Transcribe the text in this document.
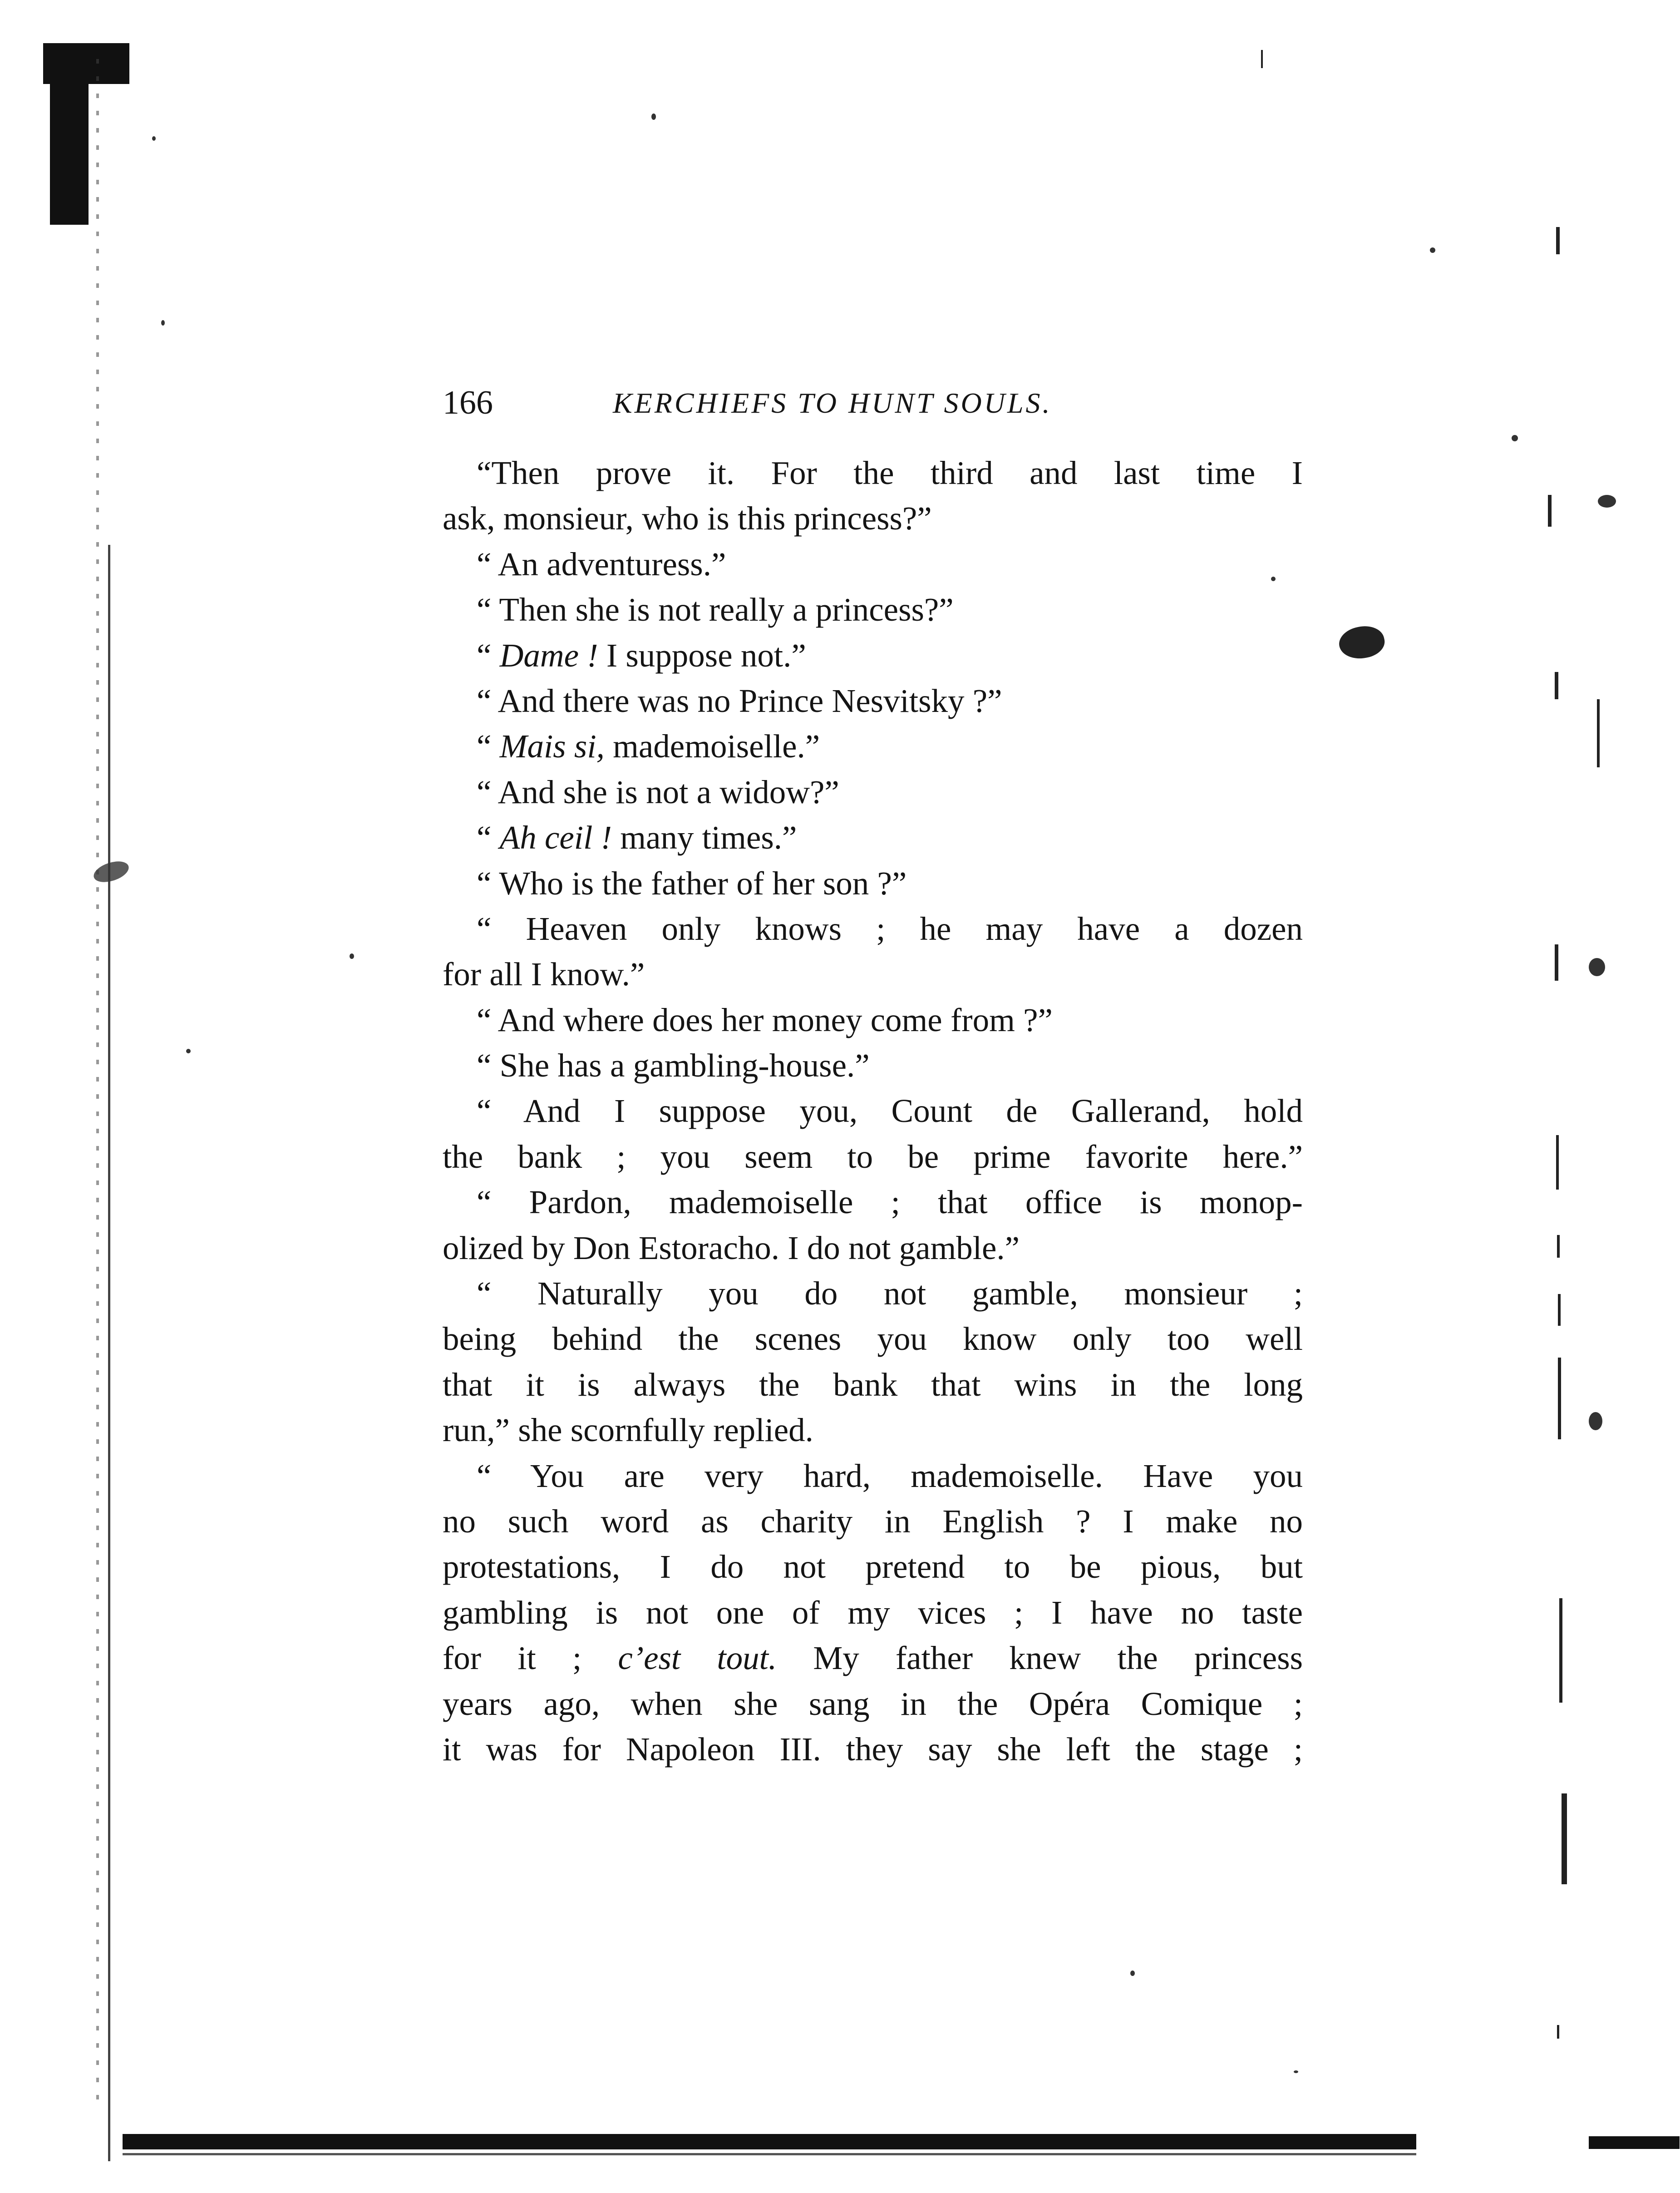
166	KERCHIEFS TO HUNT SOULS.
“Then prove it. For the third and last time I
ask, monsieur, who is this princess?”
“ An adventuress.”
“ Then she is not really a princess?”
“ Dame ! I suppose not.”
“ And there was no Prince Nesvitsky ?”
“ Mais si, mademoiselle.”
“ And she is not a widow?”
“ Ah ceil ! many times.”
“ Who is the father of her son ?”
“ Heaven only knows ; he may have a dozen
for all I know.”
“ And where does her money come from ?”
“ She has a gambling-house.”
“ And I suppose you, Count de Gallerand, hold
the bank ; you seem to be prime favorite here.”
“ Pardon, mademoiselle ; that office is monop-
olized by Don Estoracho. I do not gamble.”
“ Naturally you do not gamble, monsieur ;
being behind the scenes you know only too well
that it is always the bank that wins in the long
run,” she scornfully replied.
“ You are very hard, mademoiselle. Have you
no such word as charity in English ? I make no
protestations, I do not pretend to be pious, but
gambling is not one of my vices ; I have no taste
for it ; c’est tout. My father knew the princess
years ago, when she sang in the Opéra Comique ;
it was for Napoleon III. they say she left the stage ;
